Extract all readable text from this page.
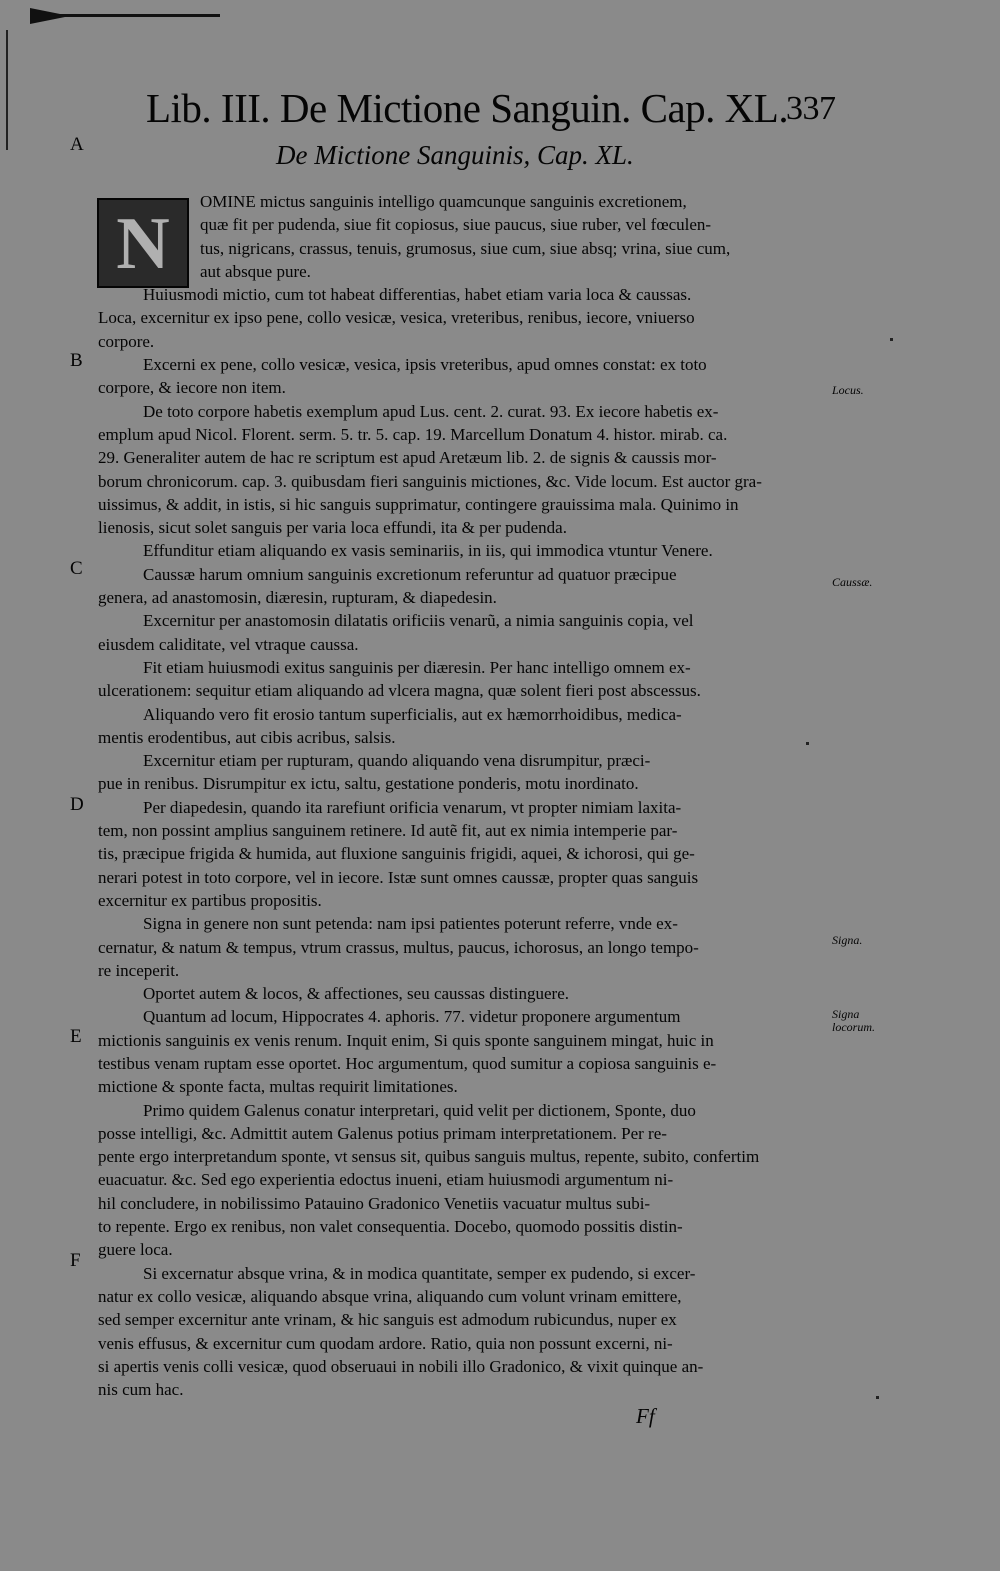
Lib. III. De Mictione Sanguin. Cap. XL.
337
De Mictione Sanguinis, Cap. XL.
A
B
C
D
E
F
Locus.
Caussæ.
Signa.
Signa locorum.
N
OMINE mictus sanguinis intelligo quamcunque sanguinis excretionem,
quæ fit per pudenda, siue fit copiosus, siue paucus, siue ruber, vel fœculen-
tus, nigricans, crassus, tenuis, grumosus, siue cum, siue absq; vrina, siue cum,
aut absque pure.
Huiusmodi mictio, cum tot habeat differentias, habet etiam varia loca & caussas.
Loca, excernitur ex ipso pene, collo vesicæ, vesica, vreteribus, renibus, iecore, vniuerso
corpore.
Excerni ex pene, collo vesicæ, vesica, ipsis vreteribus, apud omnes constat: ex toto
corpore, & iecore non item.
De toto corpore habetis exemplum apud Lus. cent. 2. curat. 93. Ex iecore habetis ex-
emplum apud Nicol. Florent. serm. 5. tr. 5. cap. 19. Marcellum Donatum 4. histor. mirab. ca.
29. Generaliter autem de hac re scriptum est apud Aretæum lib. 2. de signis & caussis mor-
borum chronicorum. cap. 3. quibusdam fieri sanguinis mictiones, &c. Vide locum. Est auctor gra-
uissimus, & addit, in istis, si hic sanguis supprimatur, contingere grauissima mala. Quinimo in
lienosis, sicut solet sanguis per varia loca effundi, ita & per pudenda.
Effunditur etiam aliquando ex vasis seminariis, in iis, qui immodica vtuntur Venere.
Caussæ harum omnium sanguinis excretionum referuntur ad quatuor præcipue
genera, ad anastomosin, diæresin, rupturam, & diapedesin.
Excernitur per anastomosin dilatatis orificiis venarũ, a nimia sanguinis copia, vel
eiusdem caliditate, vel vtraque caussa.
Fit etiam huiusmodi exitus sanguinis per diæresin. Per hanc intelligo omnem ex-
ulcerationem: sequitur etiam aliquando ad vlcera magna, quæ solent fieri post abscessus.
Aliquando vero fit erosio tantum superficialis, aut ex hæmorrhoidibus, medica-
mentis erodentibus, aut cibis acribus, salsis.
Excernitur etiam per rupturam, quando aliquando vena disrumpitur, præci-
pue in renibus. Disrumpitur ex ictu, saltu, gestatione ponderis, motu inordinato.
Per diapedesin, quando ita rarefiunt orificia venarum, vt propter nimiam laxita-
tem, non possint amplius sanguinem retinere. Id autẽ fit, aut ex nimia intemperie par-
tis, præcipue frigida & humida, aut fluxione sanguinis frigidi, aquei, & ichorosi, qui ge-
nerari potest in toto corpore, vel in iecore. Istæ sunt omnes caussæ, propter quas sanguis
excernitur ex partibus propositis.
Signa in genere non sunt petenda: nam ipsi patientes poterunt referre, vnde ex-
cernatur, & natum & tempus, vtrum crassus, multus, paucus, ichorosus, an longo tempo-
re inceperit.
Oportet autem & locos, & affectiones, seu caussas distinguere.
Quantum ad locum, Hippocrates 4. aphoris. 77. videtur proponere argumentum
mictionis sanguinis ex venis renum. Inquit enim, Si quis sponte sanguinem mingat, huic in
testibus venam ruptam esse oportet. Hoc argumentum, quod sumitur a copiosa sanguinis e-
mictione & sponte facta, multas requirit limitationes.
Primo quidem Galenus conatur interpretari, quid velit per dictionem, Sponte, duo
posse intelligi, &c. Admittit autem Galenus potius primam interpretationem. Per re-
pente ergo interpretandum sponte, vt sensus sit, quibus sanguis multus, repente, subito, confertim
euacuatur. &c. Sed ego experientia edoctus inueni, etiam huiusmodi argumentum ni-
hil concludere, in nobilissimo Patauino Gradonico Venetiis vacuatur multus subi-
to repente. Ergo ex renibus, non valet consequentia. Docebo, quomodo possitis distin-
guere loca.
Si excernatur absque vrina, & in modica quantitate, semper ex pudendo, si excer-
natur ex collo vesicæ, aliquando absque vrina, aliquando cum volunt vrinam emittere,
sed semper excernitur ante vrinam, & hic sanguis est admodum rubicundus, nuper ex
venis effusus, & excernitur cum quodam ardore. Ratio, quia non possunt excerni, ni-
si apertis venis colli vesicæ, quod obseruaui in nobili illo Gradonico, & vixit quinque an-
nis cum hac.
Ff
